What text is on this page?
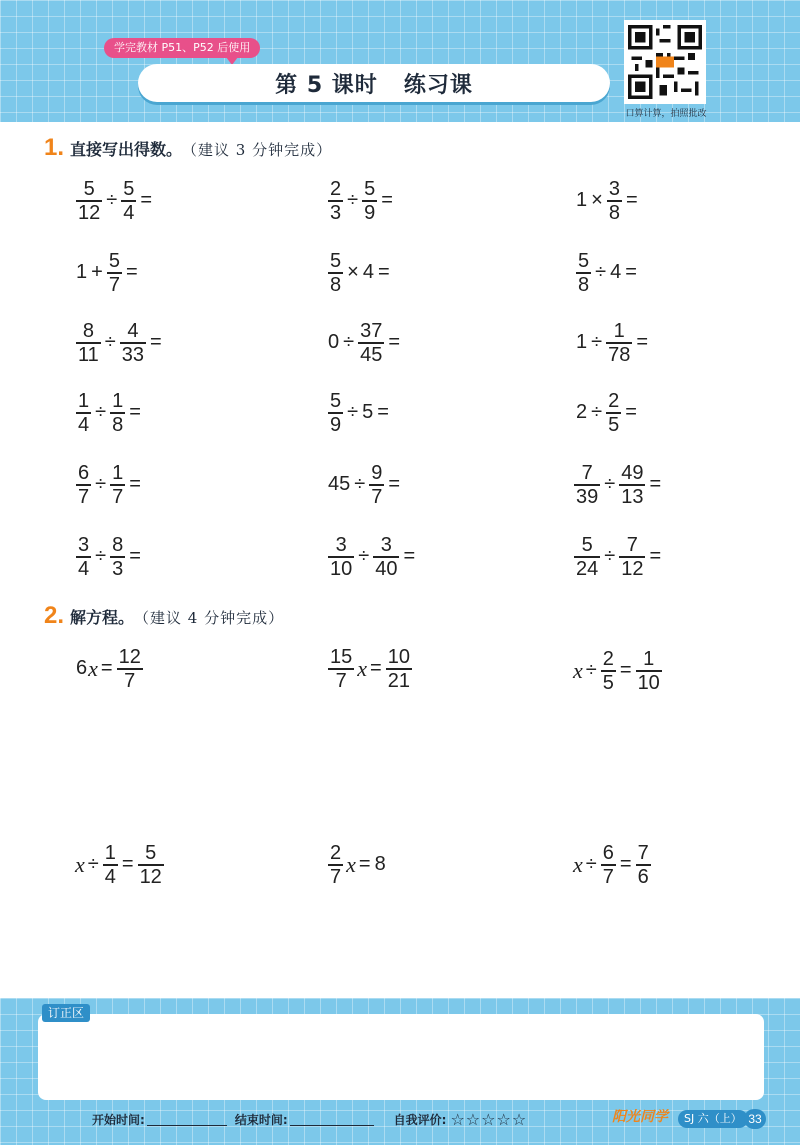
学完教材 P51、P52 后使用
第 5 课时 练习课
口算计算，拍照批改
1. 直接写出得数。 （建议 3 分钟完成）
$\frac{5}{12} \div \frac{5}{4}$ =	$\frac{2}{3} \div \frac{5}{9}$ =	$1 \times \frac{3}{8}$ =
$1 + \frac{5}{7}$ =	$\frac{5}{8} \times 4$ =	$\frac{5}{8} \div 4$ =
$\frac{8}{11} \div \frac{4}{33}$ =	$0 \div \frac{37}{45}$ =	$1 \div \frac{1}{78}$ =
$\frac{1}{4} \div \frac{1}{8}$ =	$\frac{5}{9} \div 5$ =	$2 \div \frac{2}{5}$ =
$\frac{6}{7} \div \frac{1}{7}$ =	$45 \div \frac{9}{7}$ =	$\frac{7}{39} \div \frac{49}{13}$ =
$\frac{3}{4} \div \frac{8}{3}$ =	$\frac{3}{10} \div \frac{3}{40}$ =	$\frac{5}{24} \div \frac{7}{12}$ =
2. 解方程。 （建议 4 分钟完成）
6 $x = \frac{12}{7}$	$\frac{15}{7}$ $x = \frac{10}{21}$	$x \div \frac{2}{5} = \frac{1}{10}$
$x \div \frac{1}{4} = \frac{5}{12}$	$\frac{2}{7}$ x = 8	$x \div \frac{6}{7} = \frac{7}{6}$
订正区
开始时间:	结束时间:	自我评价: ☆☆☆☆☆	阳光同学	SJ 六（上） 33
